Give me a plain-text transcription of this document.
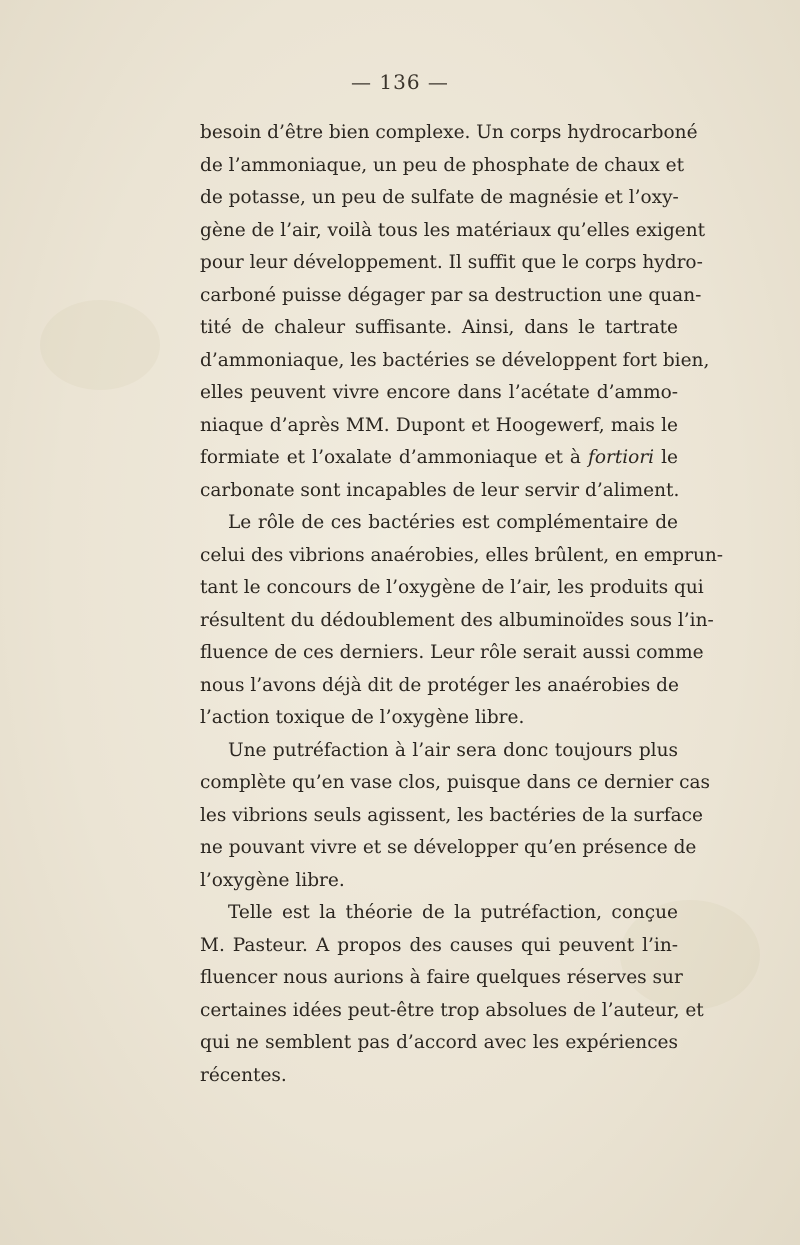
— 136 —
besoin d’être bien complexe. Un corps hydrocarboné
de l’ammoniaque, un peu de phosphate de chaux et
de potasse, un peu de sulfate de magnésie et l’oxy-
gène de l’air, voilà tous les matériaux qu’elles exigent
pour leur développement. Il suffit que le corps hydro-
carboné puisse dégager par sa destruction une quan-
tité de chaleur suffisante. Ainsi, dans le tartrate
d’ammoniaque, les bactéries se développent fort bien,
elles peuvent vivre encore dans l’acétate d’ammo-
niaque d’après MM. Dupont et Hoogewerf, mais le
formiate et l’oxalate d’ammoniaque et à fortiori le
carbonate sont incapables de leur servir d’aliment.
Le rôle de ces bactéries est complémentaire de
celui des vibrions anaérobies, elles brûlent, en emprun-
tant le concours de l’oxygène de l’air, les produits qui
résultent du dédoublement des albuminoïdes sous l’in-
fluence de ces derniers. Leur rôle serait aussi comme
nous l’avons déjà dit de protéger les anaérobies de
l’action toxique de l’oxygène libre.
Une putréfaction à l’air sera donc toujours plus
complète qu’en vase clos, puisque dans ce dernier cas
les vibrions seuls agissent, les bactéries de la surface
ne pouvant vivre et se développer qu’en présence de
l’oxygène libre.
Telle est la théorie de la putréfaction, conçue
M. Pasteur. A propos des causes qui peuvent l’in-
fluencer nous aurions à faire quelques réserves sur
certaines idées peut-être trop absolues de l’auteur, et
qui ne semblent pas d’accord avec les expériences
récentes.
